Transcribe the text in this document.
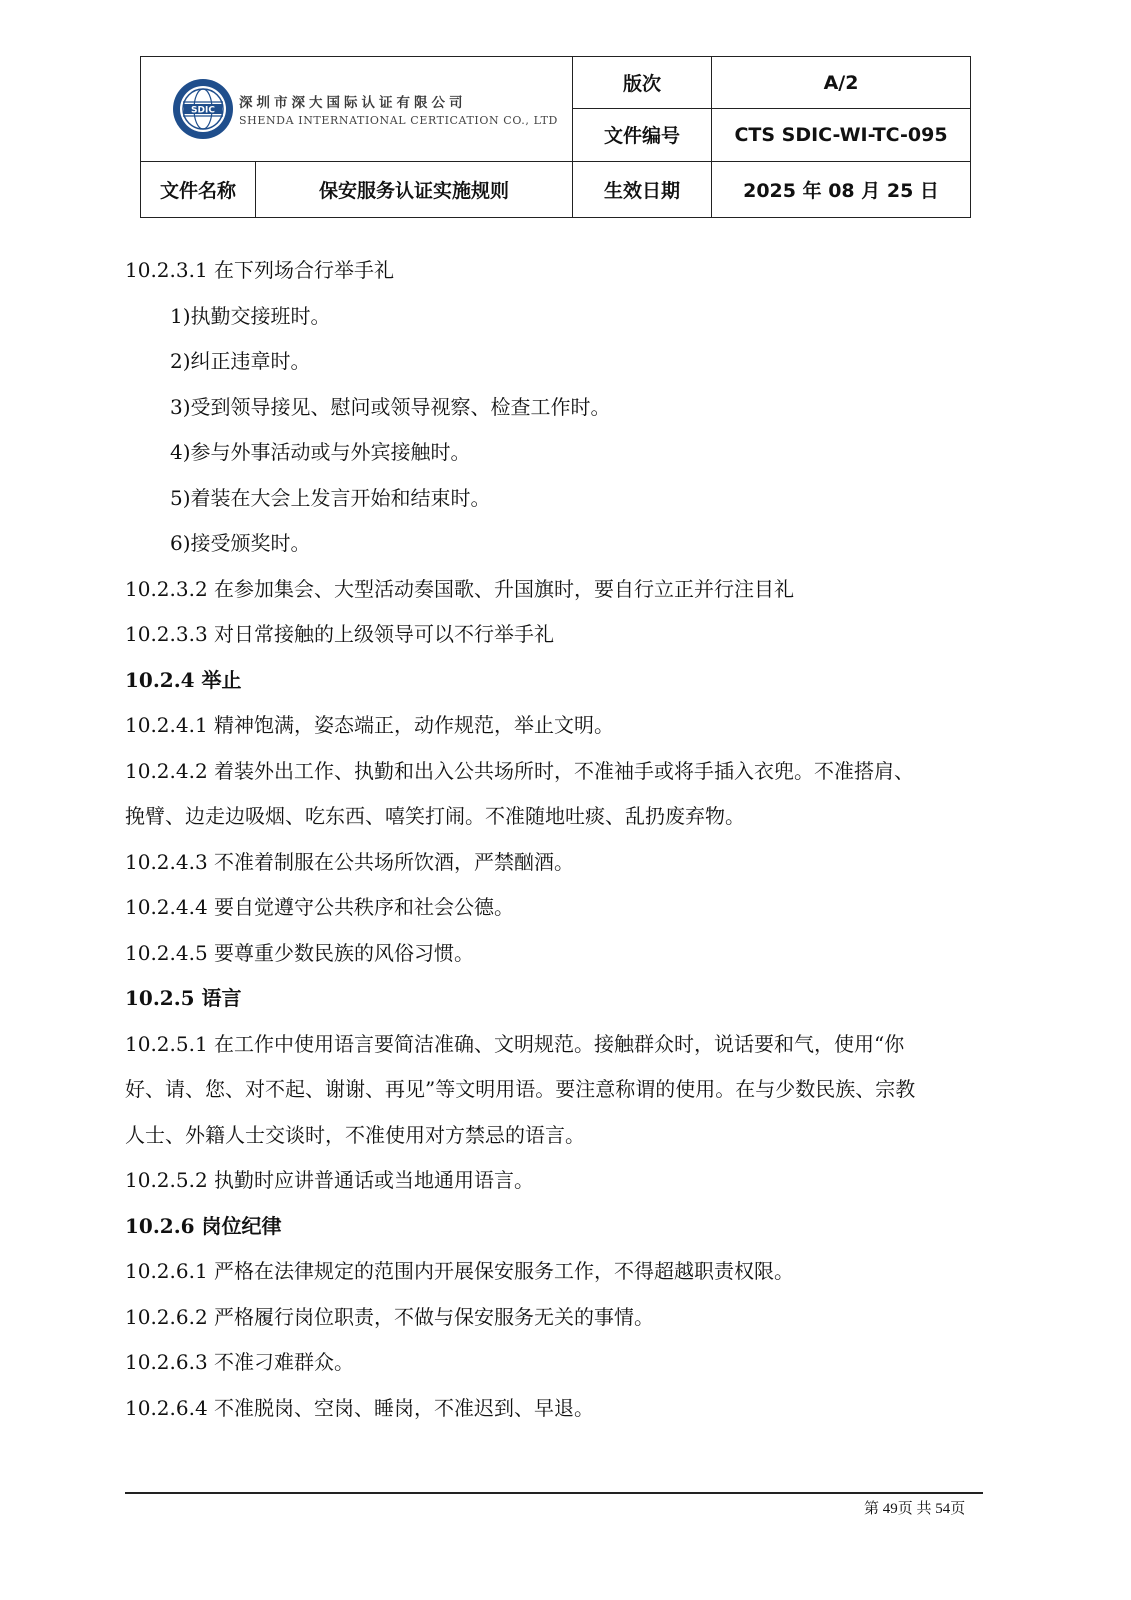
SDIC 深圳市深大国际认证有限公司
SHENDA INTERNATIONAL CERTICATION CO., LTD		版次	A/2
		文件编号	CTS SDIC-WI-TC-095
文件名称	保安服务认证实施规则	生效日期	2025 年 08 月 25 日
10.2.3.1 在下列场合行举手礼
1)执勤交接班时。
2)纠正违章时。
3)受到领导接见、慰问或领导视察、检查工作时。
4)参与外事活动或与外宾接触时。
5)着装在大会上发言开始和结束时。
6)接受颁奖时。
10.2.3.2 在参加集会、大型活动奏国歌、升国旗时，要自行立正并行注目礼
10.2.3.3 对日常接触的上级领导可以不行举手礼
10.2.4 举止
10.2.4.1 精神饱满，姿态端正，动作规范，举止文明。
10.2.4.2 着装外出工作、执勤和出入公共场所时，不准袖手或将手插入衣兜。不准搭肩、
挽臂、边走边吸烟、吃东西、嘻笑打闹。不准随地吐痰、乱扔废弃物。
10.2.4.3 不准着制服在公共场所饮酒，严禁酗酒。
10.2.4.4 要自觉遵守公共秩序和社会公德。
10.2.4.5 要尊重少数民族的风俗习惯。
10.2.5 语言
10.2.5.1 在工作中使用语言要简洁准确、文明规范。接触群众时，说话要和气，使用“你
好、请、您、对不起、谢谢、再见”等文明用语。要注意称谓的使用。在与少数民族、宗教
人士、外籍人士交谈时，不准使用对方禁忌的语言。
10.2.5.2 执勤时应讲普通话或当地通用语言。
10.2.6 岗位纪律
10.2.6.1 严格在法律规定的范围内开展保安服务工作，不得超越职责权限。
10.2.6.2 严格履行岗位职责，不做与保安服务无关的事情。
10.2.6.3 不准刁难群众。
10.2.6.4 不准脱岗、空岗、睡岗，不准迟到、早退。
第 49页 共 54页
